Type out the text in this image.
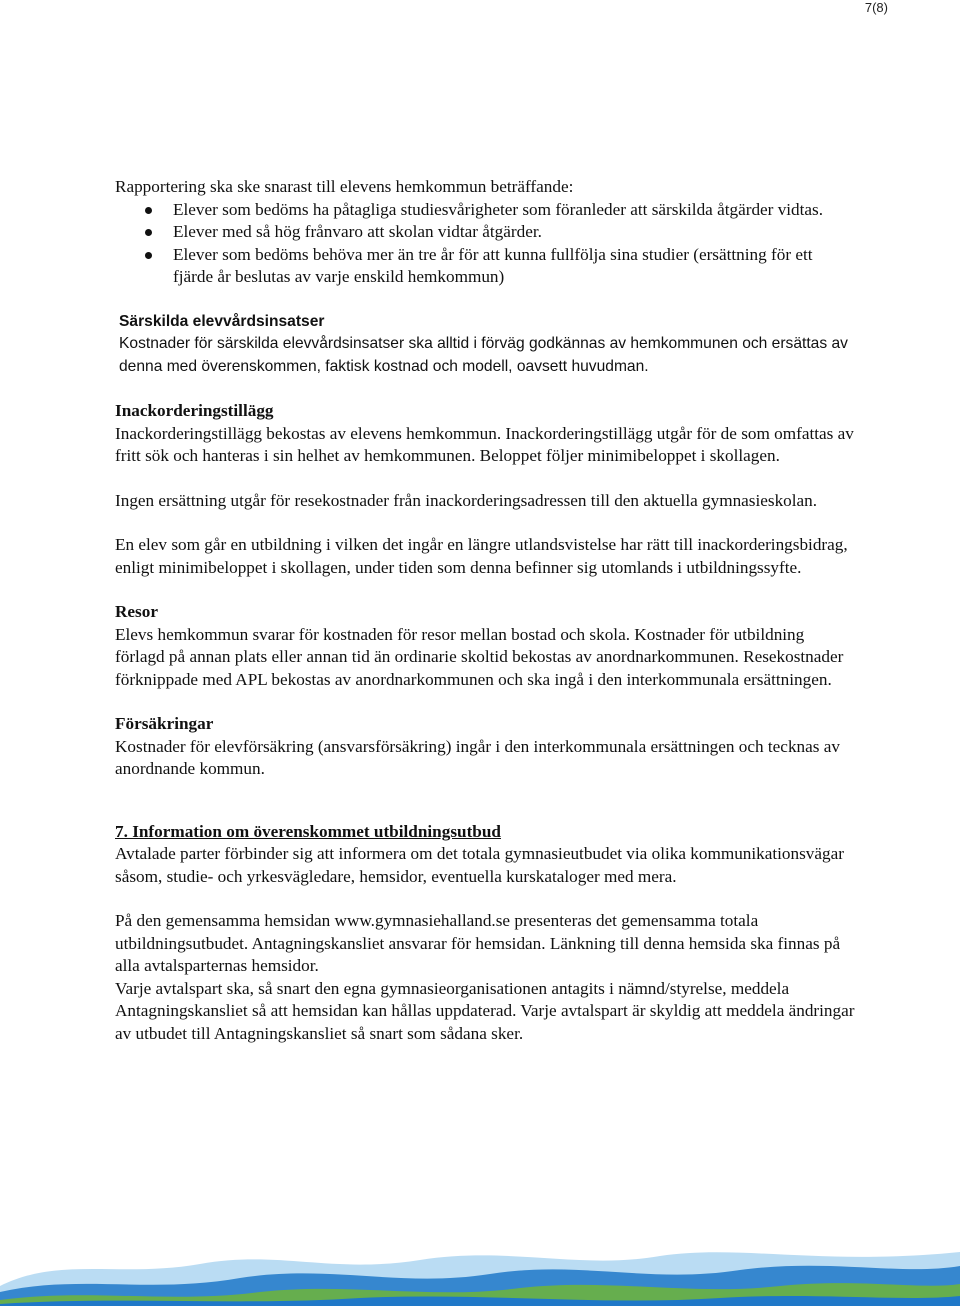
7(8)

Rapportering ska ske snarast till elevens hemkommun beträffande:

Elever som bedöms ha påtagliga studiesvårigheter som föranleder att särskilda åtgärder vidtas.
Elever med så hög frånvaro att skolan vidtar åtgärder.
Elever som bedöms behöva mer än tre år för att kunna fullfölja sina studier (ersättning för ett fjärde år beslutas av varje enskild hemkommun)

Särskilda elevvårdsinsatser

Kostnader för särskilda elevvårdsinsatser ska alltid i förväg godkännas av hemkommunen och ersättas av denna med överenskommen, faktisk kostnad och modell, oavsett huvudman.

Inackorderingstillägg

Inackorderingstillägg bekostas av elevens hemkommun. Inackorderingstillägg utgår för de som omfattas av fritt sök och hanteras i sin helhet av hemkommunen. Beloppet följer minimibeloppet i skollagen.

Ingen ersättning utgår för resekostnader från inackorderingsadressen till den aktuella gymnasieskolan.

En elev som går en utbildning i vilken det ingår en längre utlandsvistelse har rätt till inackorderingsbidrag, enligt minimibeloppet i skollagen, under tiden som denna befinner sig utomlands i utbildningssyfte.

Resor

Elevs hemkommun svarar för kostnaden för resor mellan bostad och skola. Kostnader för utbildning förlagd på annan plats eller annan tid än ordinarie skoltid bekostas av anordnarkommunen. Resekostnader förknippade med APL bekostas av anordnarkommunen och ska ingå i den interkommunala ersättningen.

Försäkringar

Kostnader för elevförsäkring (ansvarsförsäkring) ingår i den interkommunala ersättningen och tecknas av anordnande kommun.

7. Information om överenskommet utbildningsutbud

Avtalade parter förbinder sig att informera om det totala gymnasieutbudet via olika kommunikationsvägar såsom, studie- och yrkesvägledare, hemsidor, eventuella kurskataloger med mera.

På den gemensamma hemsidan www.gymnasiehalland.se presenteras det gemensamma totala utbildningsutbudet. Antagningskansliet ansvarar för hemsidan. Länkning till denna hemsida ska finnas på alla avtalsparternas hemsidor.

Varje avtalspart ska, så snart den egna gymnasieorganisationen antagits i nämnd/styrelse, meddela Antagningskansliet så att hemsidan kan hållas uppdaterad. Varje avtalspart är skyldig att meddela ändringar av utbudet till Antagningskansliet så snart som sådana sker.
